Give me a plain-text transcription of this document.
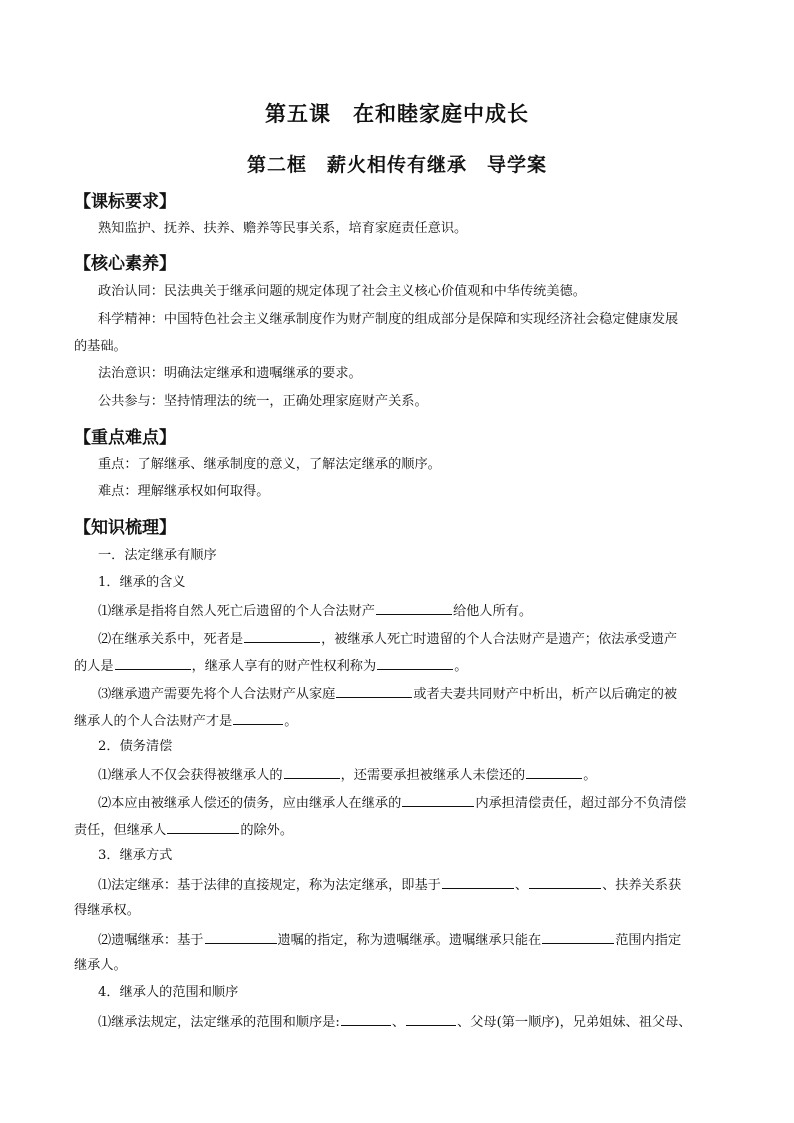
第五课　在和睦家庭中成长
第二框　薪火相传有继承　导学案
【课标要求】
熟知监护、抚养、扶养、赡养等民事关系，培育家庭责任意识。
【核心素养】
政治认同：民法典关于继承问题的规定体现了社会主义核心价值观和中华传统美德。
科学精神：中国特色社会主义继承制度作为财产制度的组成部分是保障和实现经济社会稳定健康发展
的基础。
法治意识：明确法定继承和遗嘱继承的要求。
公共参与：坚持情理法的统一，正确处理家庭财产关系。
【重点难点】
重点：了解继承、继承制度的意义，了解法定继承的顺序。
难点：理解继承权如何取得。
【知识梳理】
一．法定继承有顺序
1．继承的含义
⑴继承是指将自然人死亡后遗留的个人合法财产	给他人所有。
⑵在继承关系中，死者是	，被继承人死亡时遗留的个人合法财产是遗产；依法承受遗产
的人是	，继承人享有的财产性权利称为	。
⑶继承遗产需要先将个人合法财产从家庭	或者夫妻共同财产中析出，析产以后确定的被
继承人的个人合法财产才是	。
2．债务清偿
⑴继承人不仅会获得被继承人的	，还需要承担被继承人未偿还的	。
⑵本应由被继承人偿还的债务，应由继承人在继承的	内承担清偿责任，超过部分不负清偿
责任，但继承人	的除外。
3．继承方式
⑴法定继承：基于法律的直接规定，称为法定继承，即基于	、	、扶养关系获
得继承权。
⑵遗嘱继承：基于	遗嘱的指定，称为遗嘱继承。遗嘱继承只能在	范围内指定
继承人。
4．继承人的范围和顺序
⑴继承法规定，法定继承的范围和顺序是:	、	、父母(第一顺序)，兄弟姐妹、祖父母、
